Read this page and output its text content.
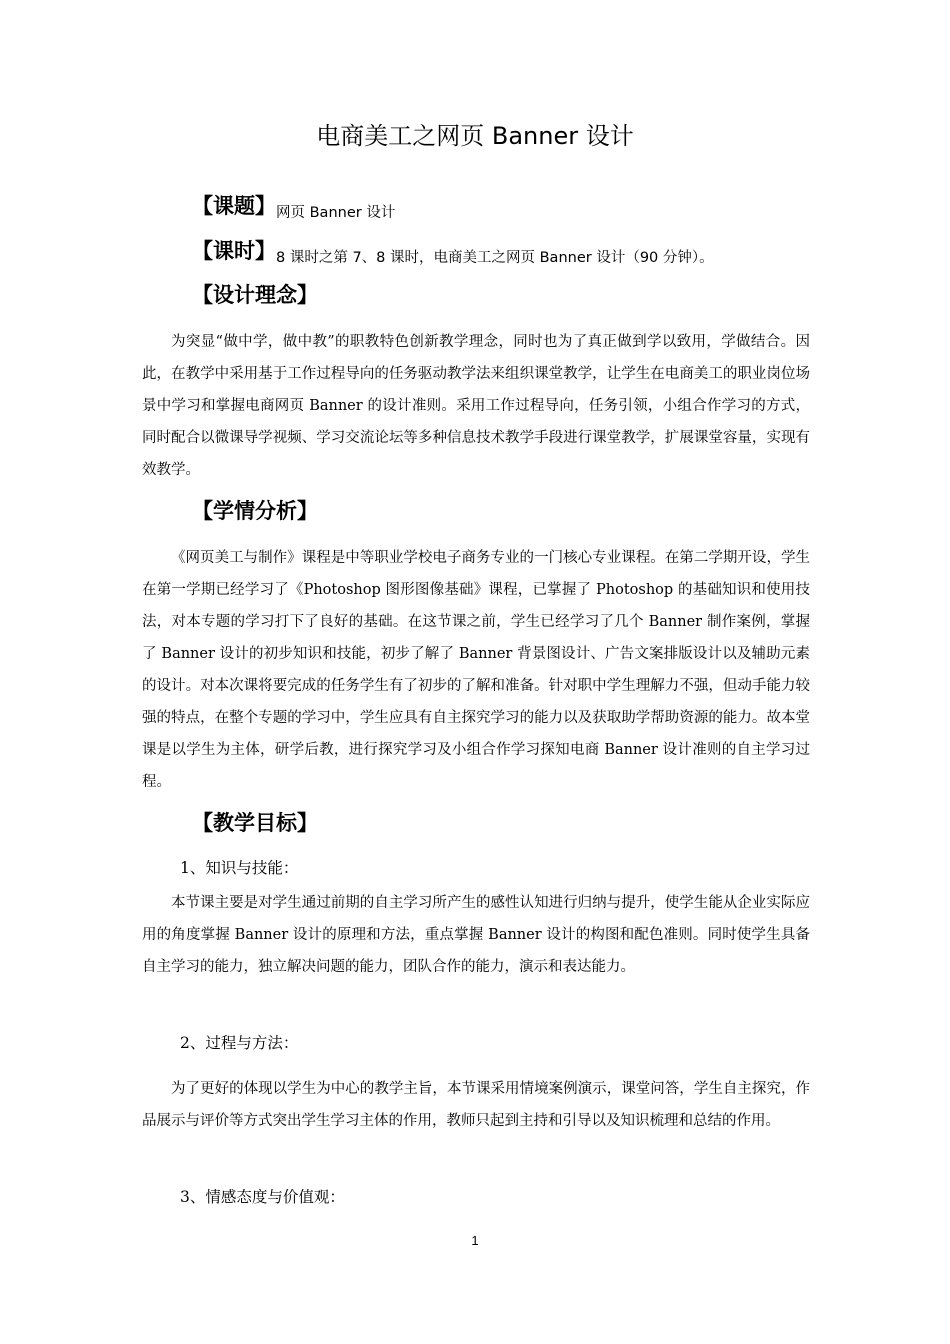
电商美工之网页 Banner 设计
【课题】网页 Banner 设计
【课时】8 课时之第 7、8 课时，电商美工之网页 Banner 设计（90 分钟）。
【设计理念】

为突显“做中学，做中教”的职教特色创新教学理念，同时也为了真正做到学以致用，学做结合。因此，在教学中采用基于工作过程导向的任务驱动教学法来组织课堂教学，让学生在电商美工的职业岗位场景中学习和掌握电商网页 Banner 的设计准则。采用工作过程导向，任务引领，小组合作学习的方式，同时配合以微课导学视频、学习交流论坛等多种信息技术教学手段进行课堂教学，扩展课堂容量，实现有效教学。

【学情分析】

《网页美工与制作》课程是中等职业学校电子商务专业的一门核心专业课程。在第二学期开设，学生在第一学期已经学习了《Photoshop 图形图像基础》课程，已掌握了 Photoshop 的基础知识和使用技法，对本专题的学习打下了良好的基础。在这节课之前，学生已经学习了几个 Banner 制作案例，掌握了 Banner 设计的初步知识和技能，初步了解了 Banner 背景图设计、广告文案排版设计以及辅助元素的设计。对本次课将要完成的任务学生有了初步的了解和准备。针对职中学生理解力不强，但动手能力较强的特点，在整个专题的学习中，学生应具有自主探究学习的能力以及获取助学帮助资源的能力。故本堂课是以学生为主体，研学后教，进行探究学习及小组合作学习探知电商 Banner 设计准则的自主学习过程。

【教学目标】
1、知识与技能：

本节课主要是对学生通过前期的自主学习所产生的感性认知进行归纳与提升，使学生能从企业实际应用的角度掌握 Banner 设计的原理和方法，重点掌握 Banner 设计的构图和配色准则。同时使学生具备自主学习的能力，独立解决问题的能力，团队合作的能力，演示和表达能力。

2、过程与方法：

为了更好的体现以学生为中心的教学主旨，本节课采用情境案例演示，课堂问答，学生自主探究，作品展示与评价等方式突出学生学习主体的作用，教师只起到主持和引导以及知识梳理和总结的作用。

3、情感态度与价值观：
1
